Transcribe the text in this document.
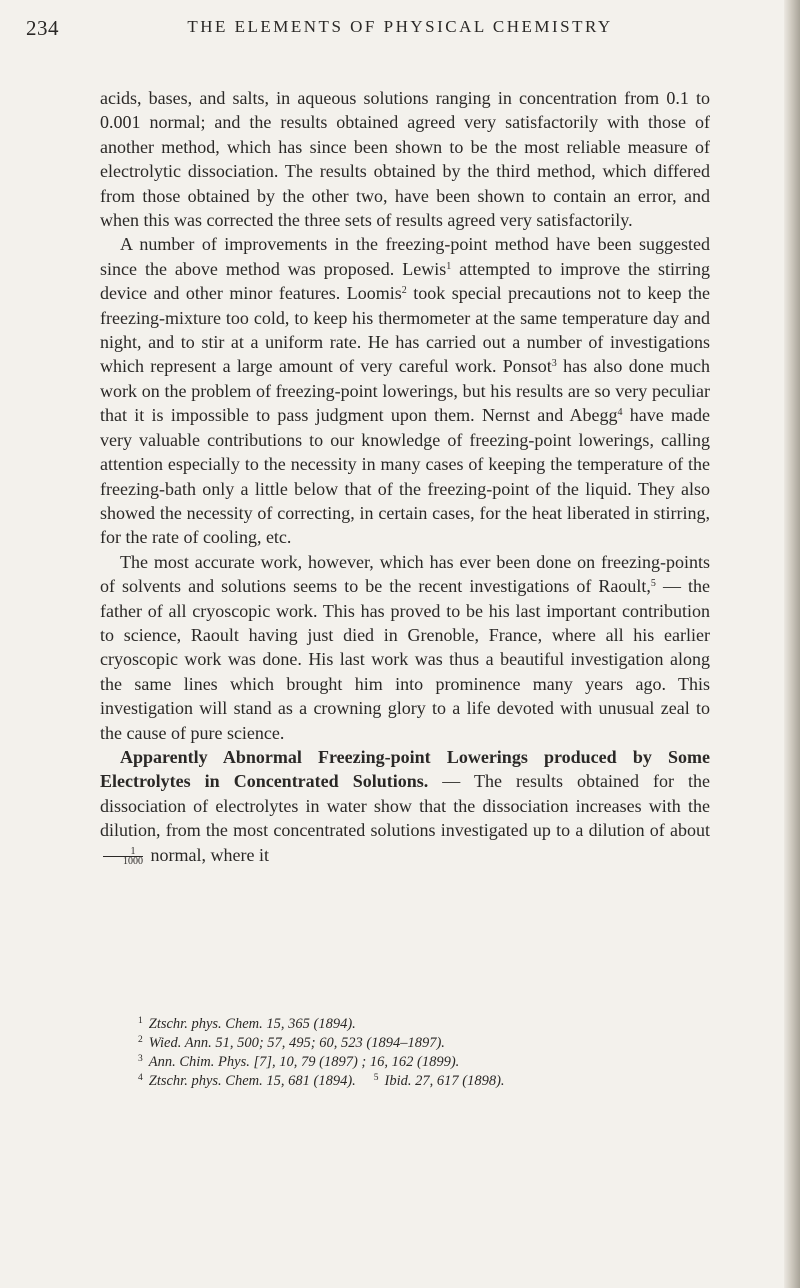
234	THE ELEMENTS OF PHYSICAL CHEMISTRY

acids, bases, and salts, in aqueous solutions ranging in concentration from 0.1 to 0.001 normal; and the results obtained agreed very satisfactorily with those of another method, which has since been shown to be the most reliable measure of electrolytic dissociation. The results obtained by the third method, which differed from those obtained by the other two, have been shown to contain an error, and when this was corrected the three sets of results agreed very satisfactorily.

A number of improvements in the freezing-point method have been suggested since the above method was proposed. Lewis$^1$ attempted to improve the stirring device and other minor features. Loomis$^2$ took special precautions not to keep the freezing-mixture too cold, to keep his thermometer at the same temperature day and night, and to stir at a uniform rate. He has carried out a number of investigations which represent a large amount of very careful work. Ponsot$^3$ has also done much work on the problem of freezing-point lowerings, but his results are so very peculiar that it is impossible to pass judgment upon them. Nernst and Abegg$^4$ have made very valuable contributions to our knowledge of freezing-point lowerings, calling attention especially to the necessity in many cases of keeping the temperature of the freezing-bath only a little below that of the freezing-point of the liquid. They also showed the necessity of correcting, in certain cases, for the heat liberated in stirring, for the rate of cooling, etc.

The most accurate work, however, which has ever been done on freezing-points of solvents and solutions seems to be the recent investigations of Raoult,$^5$ — the father of all cryoscopic work. This has proved to be his last important contribution to science, Raoult having just died in Grenoble, France, where all his earlier cryoscopic work was done. His last work was thus a beautiful investigation along the same lines which brought him into prominence many years ago. This investigation will stand as a crowning glory to a life devoted with unusual zeal to the cause of pure science.

Apparently Abnormal Freezing-point Lowerings produced by Some Electrolytes in Concentrated Solutions. — The results obtained for the dissociation of electrolytes in water show that the dissociation increases with the dilution, from the most concentrated solutions investigated up to a dilution of about
$\frac{1}{1000}$ normal, where it

$^1$ Ztschr. phys. Chem. 15, 365 (1894).
$^2$ Wied. Ann. 51, 500; 57, 495; 60, 523 (1894–1897).
$^3$ Ann. Chim. Phys. [7], 10, 79 (1897) ; 16, 162 (1899).
$^4$ Ztschr. phys. Chem. 15, 681 (1894). $^5$ Ibid. 27, 617 (1898).
